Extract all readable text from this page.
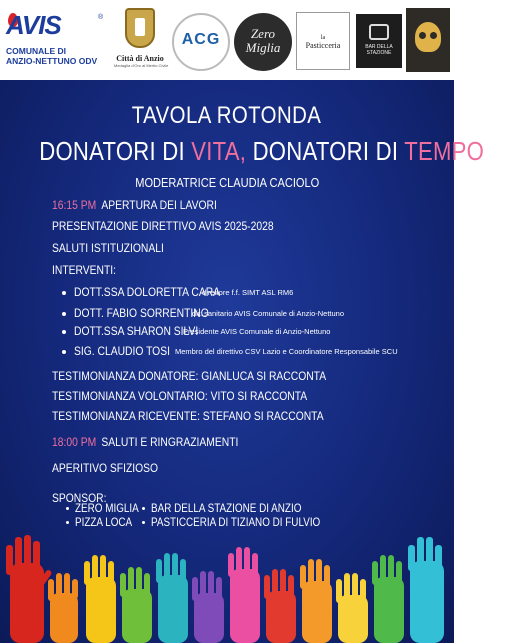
AVIS	®
COMUNALE DI
ANZIO-NETTUNO ODV Città di Anzio
Medaglia d'Oro al Merito Civile
ACG	Zero
Miglia
la
Pasticceria	BAR DELLA STAZIONE
TAVOLA ROTONDA
DONATORI DI VITA, DONATORI DI TEMPO
MODERATRICE CLAUDIA CACIOLO
16:15 PM APERTURA DEI LAVORI
PRESENTAZIONE DIRETTIVO AVIS 2025-2028
SALUTI ISTITUZIONALI
INTERVENTI:
DOTT.SSA DOLORETTA CARA
direttore f.f. SIMT ASL RM6
DOTT. FABIO SORRENTINO
dir. sanitario AVIS Comunale di Anzio-Nettuno
DOTT.SSA SHARON SILVI
Presidente AVIS Comunale di Anzio-Nettuno
SIG. CLAUDIO TOSI Membro del direttivo CSV Lazio e Coordinatore Responsabile SCU
TESTIMONIANZA DONATORE: GIANLUCA SI RACCONTA
TESTIMONIANZA VOLONTARIO: VITO SI RACCONTA
TESTIMONIANZA RICEVENTE: STEFANO SI RACCONTA
18:00 PM SALUTI E RINGRAZIAMENTI
APERITIVO SFIZIOSO
SPONSOR:
ZERO MIGLIA
PIZZA LOCA
BAR DELLA STAZIONE DI ANZIO
PASTICCERIA DI TIZIANO DI FULVIO
